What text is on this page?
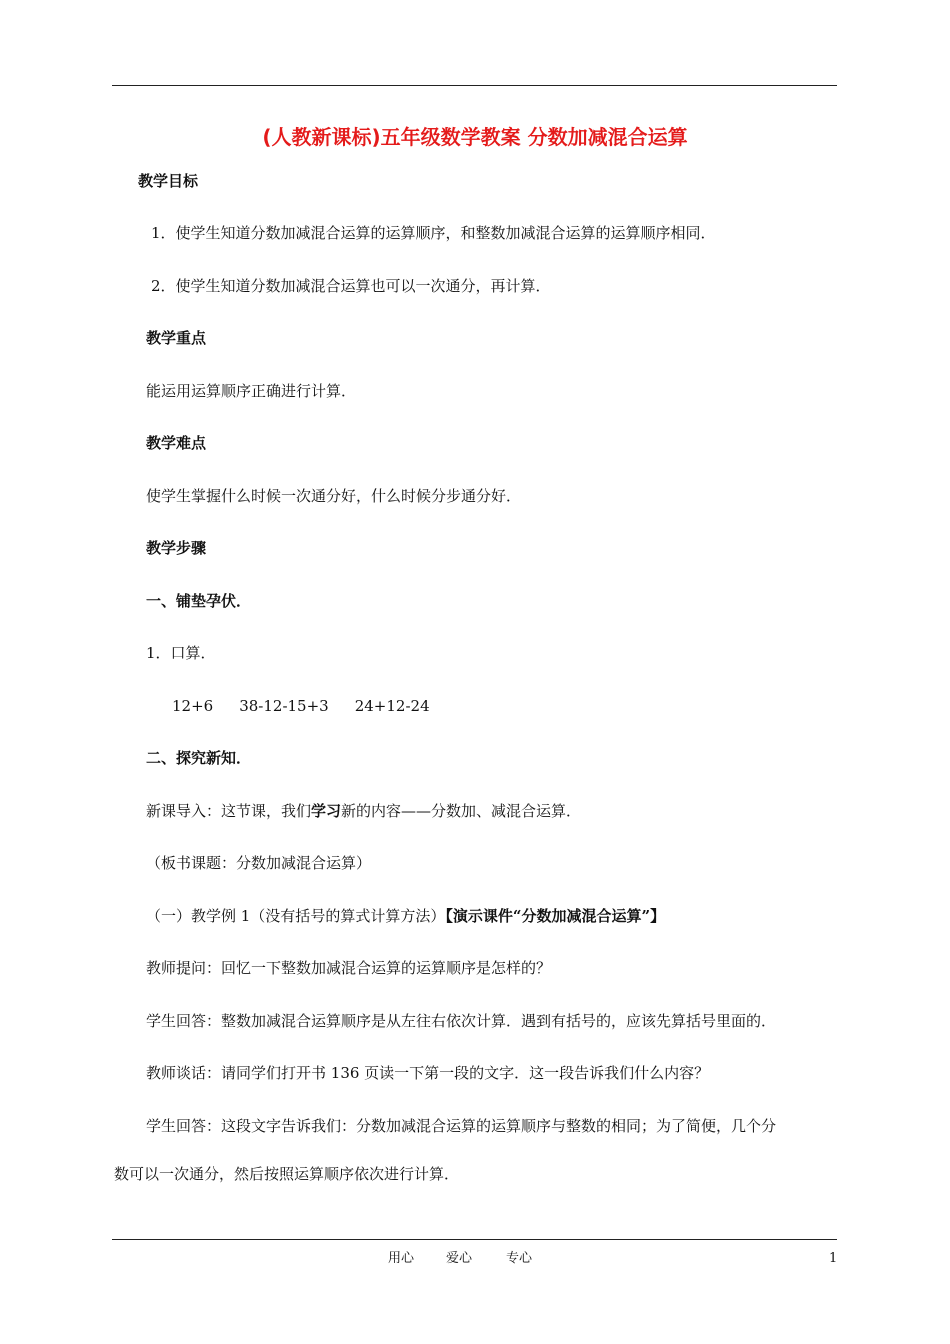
(人教新课标)五年级数学教案 分数加减混合运算
教学目标
1．使学生知道分数加减混合运算的运算顺序，和整数加减混合运算的运算顺序相同．
2．使学生知道分数加减混合运算也可以一次通分，再计算．
教学重点
能运用运算顺序正确进行计算．
教学难点
使学生掌握什么时候一次通分好，什么时候分步通分好．
教学步骤
一、铺垫孕伏．
1．口算．
12+6 38-12-15+3 24+12-24
二、探究新知．
新课导入：这节课，我们学习新的内容——分数加、减混合运算．
（板书课题：分数加减混合运算）
（一）教学例 1（没有括号的算式计算方法）【演示课件“分数加减混合运算”】
教师提问：回忆一下整数加减混合运算的运算顺序是怎样的？
学生回答：整数加减混合运算顺序是从左往右依次计算．遇到有括号的，应该先算括号里面的．
教师谈话：请同学们打开书 136 页读一下第一段的文字．这一段告诉我们什么内容？
学生回答：这段文字告诉我们：分数加减混合运算的运算顺序与整数的相同；为了简便，几个分
数可以一次通分，然后按照运算顺序依次进行计算．
用心 爱心	专心	1
